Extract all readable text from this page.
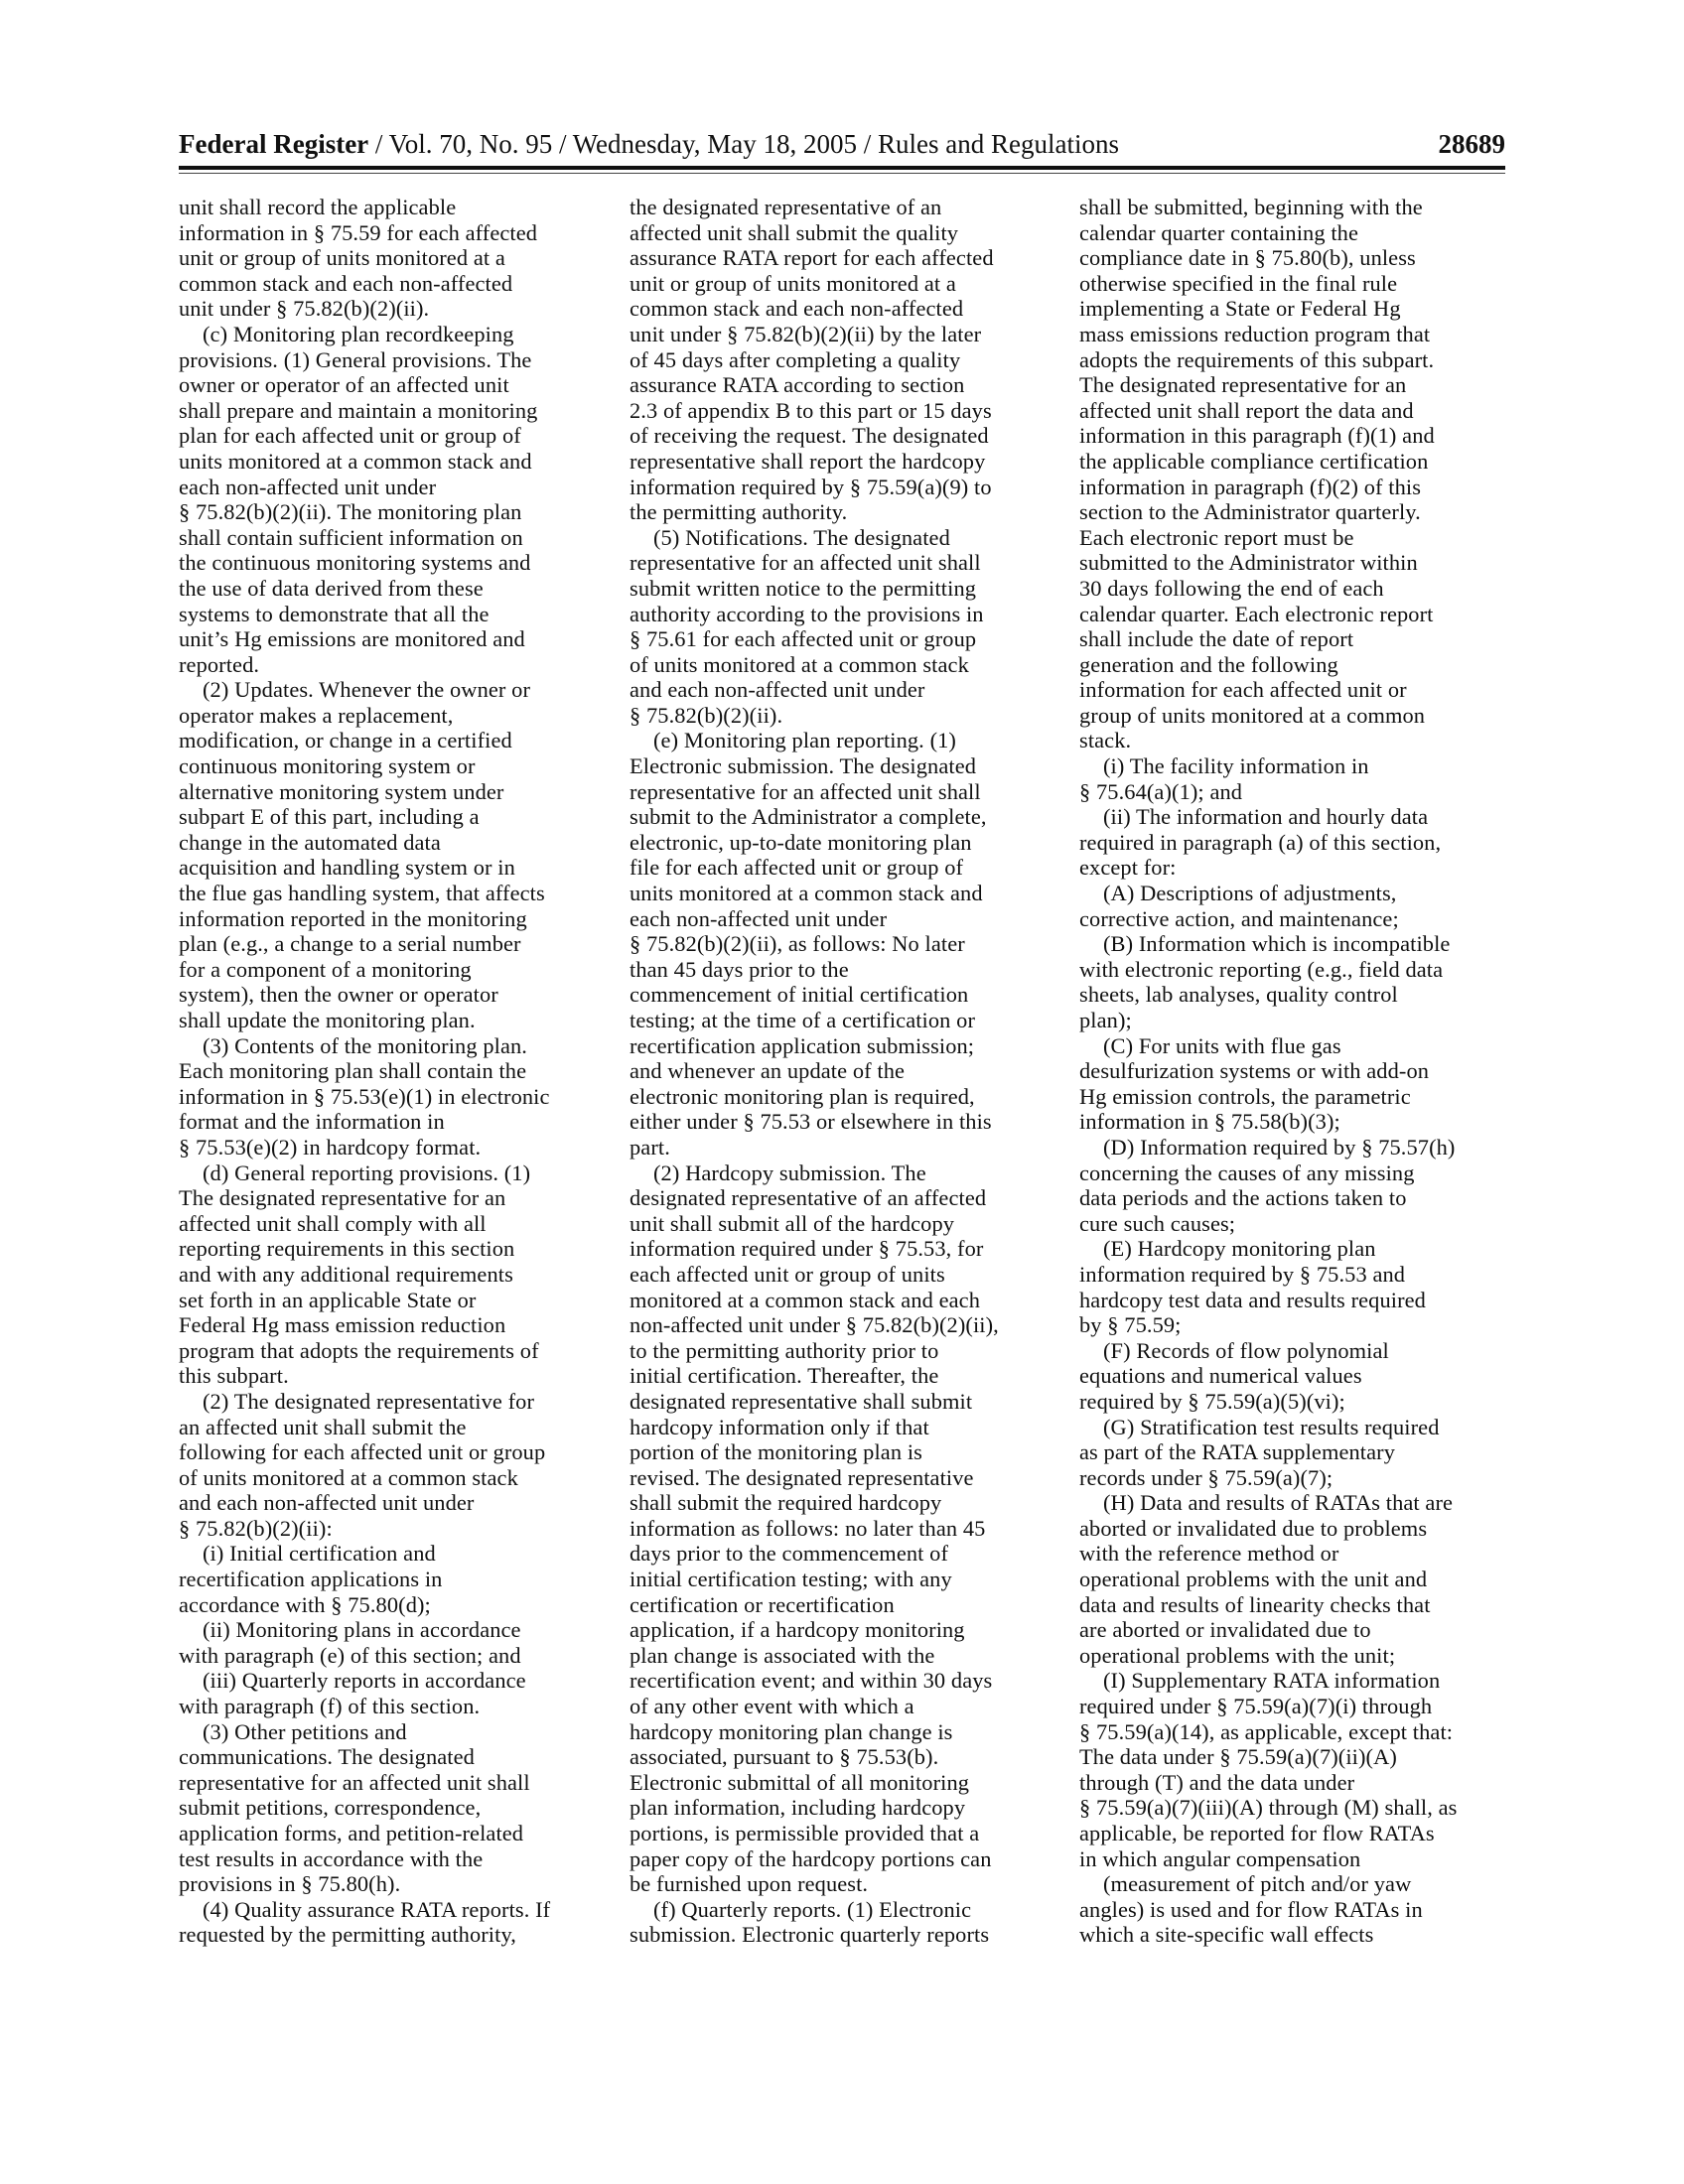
Federal Register / Vol. 70, No. 95 / Wednesday, May 18, 2005 / Rules and Regulations	28689
unit shall record the applicable
information in § 75.59 for each affected
unit or group of units monitored at a
common stack and each non-affected
unit under § 75.82(b)(2)(ii).
(c) Monitoring plan recordkeeping
provisions. (1) General provisions. The
owner or operator of an affected unit
shall prepare and maintain a monitoring
plan for each affected unit or group of
units monitored at a common stack and
each non-affected unit under
§ 75.82(b)(2)(ii). The monitoring plan
shall contain sufficient information on
the continuous monitoring systems and
the use of data derived from these
systems to demonstrate that all the
unit’s Hg emissions are monitored and
reported.
(2) Updates. Whenever the owner or
operator makes a replacement,
modification, or change in a certified
continuous monitoring system or
alternative monitoring system under
subpart E of this part, including a
change in the automated data
acquisition and handling system or in
the flue gas handling system, that affects
information reported in the monitoring
plan (e.g., a change to a serial number
for a component of a monitoring
system), then the owner or operator
shall update the monitoring plan.
(3) Contents of the monitoring plan.
Each monitoring plan shall contain the
information in § 75.53(e)(1) in electronic
format and the information in
§ 75.53(e)(2) in hardcopy format.
(d) General reporting provisions. (1)
The designated representative for an
affected unit shall comply with all
reporting requirements in this section
and with any additional requirements
set forth in an applicable State or
Federal Hg mass emission reduction
program that adopts the requirements of
this subpart.
(2) The designated representative for
an affected unit shall submit the
following for each affected unit or group
of units monitored at a common stack
and each non-affected unit under
§ 75.82(b)(2)(ii):
(i) Initial certification and
recertification applications in
accordance with § 75.80(d);
(ii) Monitoring plans in accordance
with paragraph (e) of this section; and
(iii) Quarterly reports in accordance
with paragraph (f) of this section.
(3) Other petitions and
communications. The designated
representative for an affected unit shall
submit petitions, correspondence,
application forms, and petition-related
test results in accordance with the
provisions in § 75.80(h).
(4) Quality assurance RATA reports. If
requested by the permitting authority,
the designated representative of an
affected unit shall submit the quality
assurance RATA report for each affected
unit or group of units monitored at a
common stack and each non-affected
unit under § 75.82(b)(2)(ii) by the later
of 45 days after completing a quality
assurance RATA according to section
2.3 of appendix B to this part or 15 days
of receiving the request. The designated
representative shall report the hardcopy
information required by § 75.59(a)(9) to
the permitting authority.
(5) Notifications. The designated
representative for an affected unit shall
submit written notice to the permitting
authority according to the provisions in
§ 75.61 for each affected unit or group
of units monitored at a common stack
and each non-affected unit under
§ 75.82(b)(2)(ii).
(e) Monitoring plan reporting. (1)
Electronic submission. The designated
representative for an affected unit shall
submit to the Administrator a complete,
electronic, up-to-date monitoring plan
file for each affected unit or group of
units monitored at a common stack and
each non-affected unit under
§ 75.82(b)(2)(ii), as follows: No later
than 45 days prior to the
commencement of initial certification
testing; at the time of a certification or
recertification application submission;
and whenever an update of the
electronic monitoring plan is required,
either under § 75.53 or elsewhere in this
part.
(2) Hardcopy submission. The
designated representative of an affected
unit shall submit all of the hardcopy
information required under § 75.53, for
each affected unit or group of units
monitored at a common stack and each
non-affected unit under § 75.82(b)(2)(ii),
to the permitting authority prior to
initial certification. Thereafter, the
designated representative shall submit
hardcopy information only if that
portion of the monitoring plan is
revised. The designated representative
shall submit the required hardcopy
information as follows: no later than 45
days prior to the commencement of
initial certification testing; with any
certification or recertification
application, if a hardcopy monitoring
plan change is associated with the
recertification event; and within 30 days
of any other event with which a
hardcopy monitoring plan change is
associated, pursuant to § 75.53(b).
Electronic submittal of all monitoring
plan information, including hardcopy
portions, is permissible provided that a
paper copy of the hardcopy portions can
be furnished upon request.
(f) Quarterly reports. (1) Electronic
submission. Electronic quarterly reports
shall be submitted, beginning with the
calendar quarter containing the
compliance date in § 75.80(b), unless
otherwise specified in the final rule
implementing a State or Federal Hg
mass emissions reduction program that
adopts the requirements of this subpart.
The designated representative for an
affected unit shall report the data and
information in this paragraph (f)(1) and
the applicable compliance certification
information in paragraph (f)(2) of this
section to the Administrator quarterly.
Each electronic report must be
submitted to the Administrator within
30 days following the end of each
calendar quarter. Each electronic report
shall include the date of report
generation and the following
information for each affected unit or
group of units monitored at a common
stack.
(i) The facility information in
§ 75.64(a)(1); and
(ii) The information and hourly data
required in paragraph (a) of this section,
except for:
(A) Descriptions of adjustments,
corrective action, and maintenance;
(B) Information which is incompatible
with electronic reporting (e.g., field data
sheets, lab analyses, quality control
plan);
(C) For units with flue gas
desulfurization systems or with add-on
Hg emission controls, the parametric
information in § 75.58(b)(3);
(D) Information required by § 75.57(h)
concerning the causes of any missing
data periods and the actions taken to
cure such causes;
(E) Hardcopy monitoring plan
information required by § 75.53 and
hardcopy test data and results required
by § 75.59;
(F) Records of flow polynomial
equations and numerical values
required by § 75.59(a)(5)(vi);
(G) Stratification test results required
as part of the RATA supplementary
records under § 75.59(a)(7);
(H) Data and results of RATAs that are
aborted or invalidated due to problems
with the reference method or
operational problems with the unit and
data and results of linearity checks that
are aborted or invalidated due to
operational problems with the unit;
(I) Supplementary RATA information
required under § 75.59(a)(7)(i) through
§ 75.59(a)(14), as applicable, except that:
The data under § 75.59(a)(7)(ii)(A)
through (T) and the data under
§ 75.59(a)(7)(iii)(A) through (M) shall, as
applicable, be reported for flow RATAs
in which angular compensation
(measurement of pitch and/or yaw
angles) is used and for flow RATAs in
which a site-specific wall effects
